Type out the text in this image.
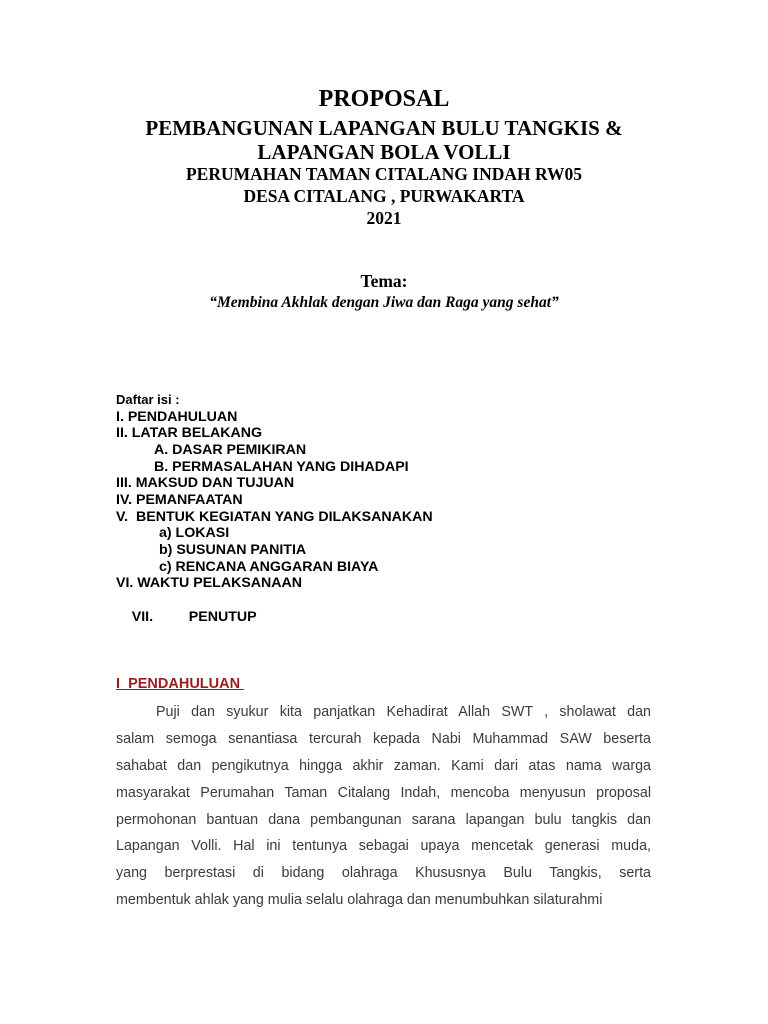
PROPOSAL
PEMBANGUNAN LAPANGAN BULU TANGKIS &
LAPANGAN BOLA VOLLI
PERUMAHAN TAMAN CITALANG INDAH RW05
DESA CITALANG , PURWAKARTA
2021
Tema:
“Membina Akhlak dengan Jiwa dan Raga yang sehat”
Daftar isi :
I. PENDAHULUAN
II. LATAR BELAKANG
A. DASAR PEMIKIRAN
B. PERMASALAHAN YANG DIHADAPI
III. MAKSUD DAN TUJUAN
IV. PEMANFAATAN
V.  BENTUK KEGIATAN YANG DILAKSANAKAN
a) LOKASI
b) SUSUNAN PANITIA
c) RENCANA ANGGARAN BIAYA
VI. WAKTU PELAKSANAAN

VII.	PENUTUP

I  PENDAHULUAN
Puji dan syukur kita panjatkan Kehadirat Allah SWT , sholawat dan
salam semoga senantiasa tercurah kepada Nabi Muhammad SAW beserta
sahabat dan pengikutnya hingga akhir zaman. Kami dari atas nama warga
masyarakat Perumahan Taman Citalang Indah, mencoba menyusun proposal
permohonan bantuan dana pembangunan sarana lapangan bulu tangkis dan
Lapangan Volli. Hal ini tentunya sebagai upaya mencetak generasi muda,
yang berprestasi di bidang olahraga Khususnya Bulu Tangkis, serta
membentuk ahlak yang mulia selalu olahraga dan menumbuhkan silaturahmi
